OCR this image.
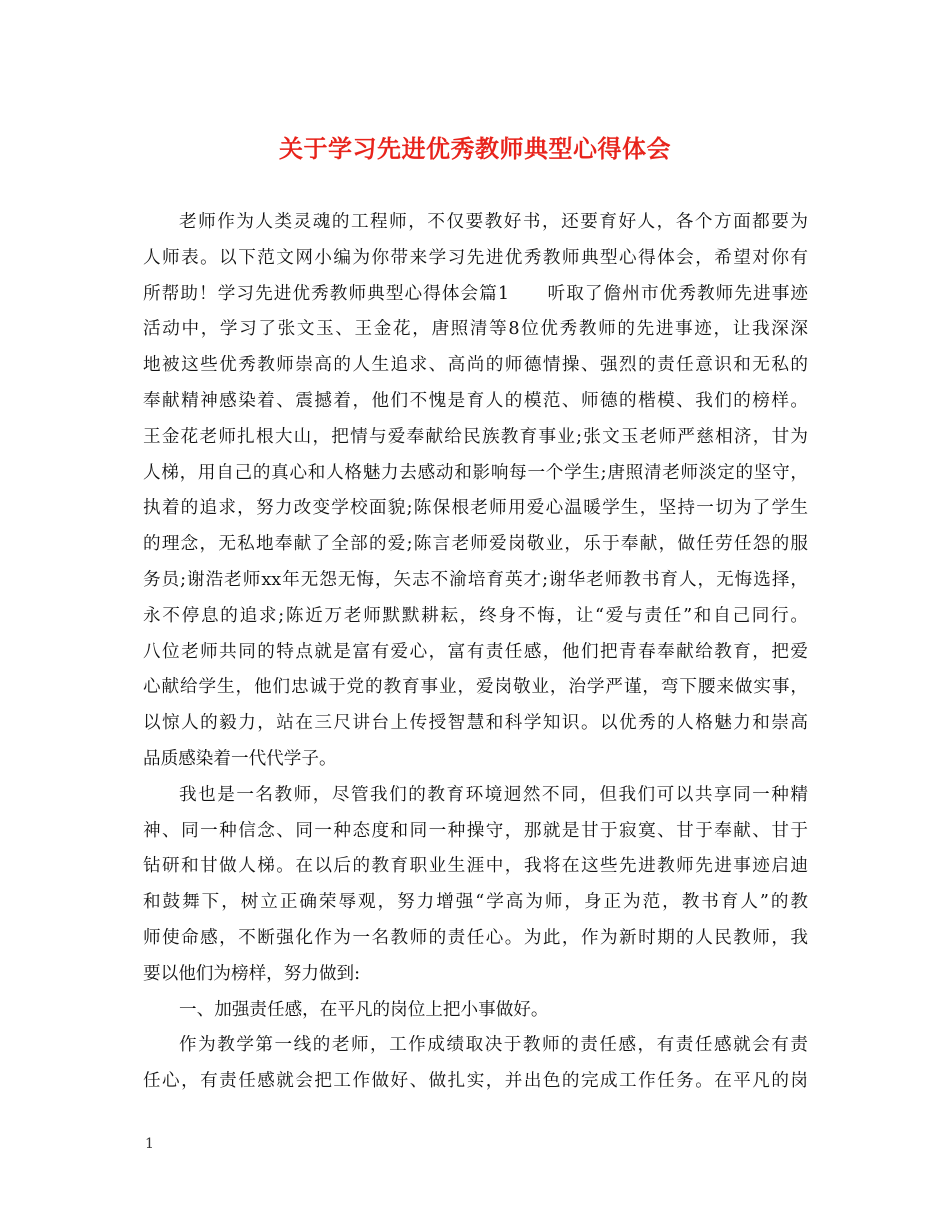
关于学习先进优秀教师典型心得体会
老师作为人类灵魂的工程师，不仅要教好书，还要育好人，各个方面都要为
人师表。以下范文网小编为你带来学习先进优秀教师典型心得体会，希望对你有
所帮助！学习先进优秀教师典型心得体会篇1　　听取了儋州市优秀教师先进事迹
活动中，学习了张文玉、王金花，唐照清等8位优秀教师的先进事迹，让我深深
地被这些优秀教师崇高的人生追求、高尚的师德情操、强烈的责任意识和无私的
奉献精神感染着、震撼着，他们不愧是育人的模范、师德的楷模、我们的榜样。
王金花老师扎根大山，把情与爱奉献给民族教育事业;张文玉老师严慈相济，甘为
人梯，用自己的真心和人格魅力去感动和影响每一个学生;唐照清老师淡定的坚守，
执着的追求，努力改变学校面貌;陈保根老师用爱心温暖学生，坚持一切为了学生
的理念，无私地奉献了全部的爱;陈言老师爱岗敬业，乐于奉献，做任劳任怨的服
务员;谢浩老师xx年无怨无悔，矢志不渝培育英才;谢华老师教书育人，无悔选择，
永不停息的追求;陈近万老师默默耕耘，终身不悔，让“爱与责任”和自己同行。
八位老师共同的特点就是富有爱心，富有责任感，他们把青春奉献给教育，把爱
心献给学生，他们忠诚于党的教育事业，爱岗敬业，治学严谨，弯下腰来做实事，
以惊人的毅力，站在三尺讲台上传授智慧和科学知识。以优秀的人格魅力和崇高
品质感染着一代代学子。
我也是一名教师，尽管我们的教育环境迥然不同，但我们可以共享同一种精
神、同一种信念、同一种态度和同一种操守，那就是甘于寂寞、甘于奉献、甘于
钻研和甘做人梯。在以后的教育职业生涯中，我将在这些先进教师先进事迹启迪
和鼓舞下，树立正确荣辱观，努力增强“学高为师，身正为范，教书育人”的教
师使命感，不断强化作为一名教师的责任心。为此，作为新时期的人民教师，我
要以他们为榜样，努力做到:
一、加强责任感，在平凡的岗位上把小事做好。
作为教学第一线的老师，工作成绩取决于教师的责任感，有责任感就会有责
任心，有责任感就会把工作做好、做扎实，并出色的完成工作任务。在平凡的岗
1
